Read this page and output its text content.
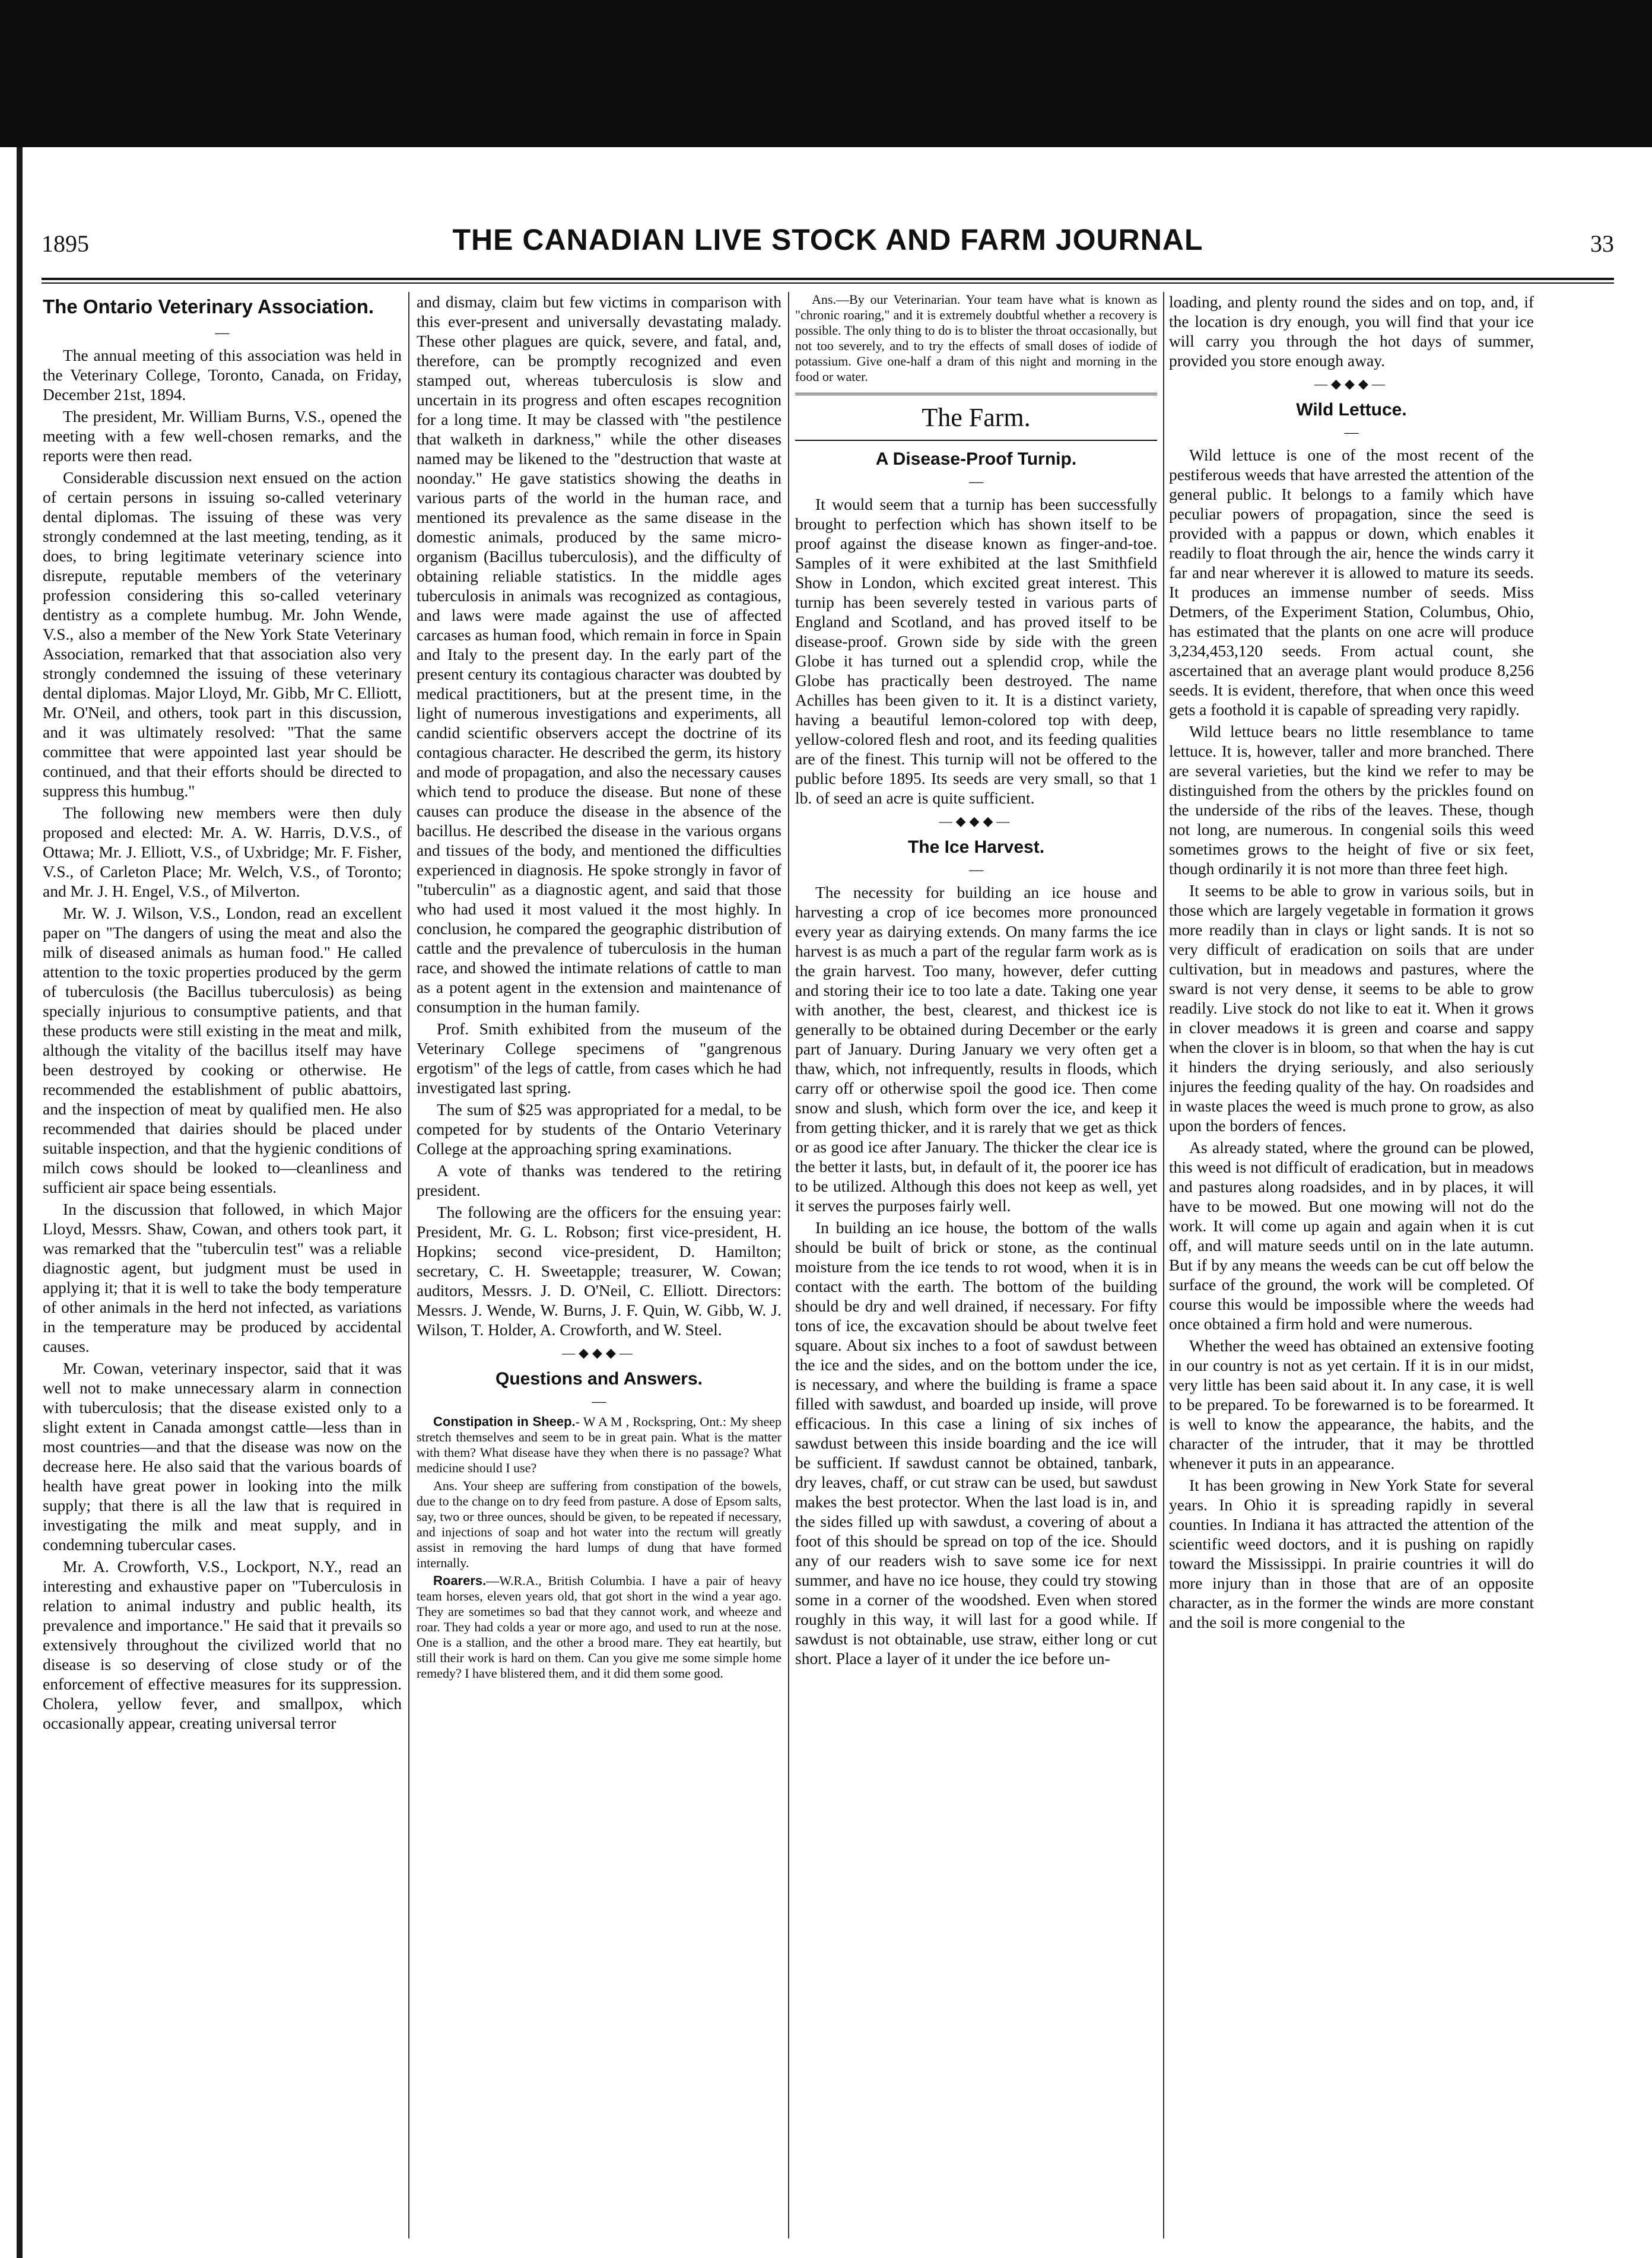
1895	THE CANADIAN LIVE STOCK AND FARM JOURNAL	33
The Ontario Veterinary Association.
—

The annual meeting of this association was held in the Veterinary College, Toronto, Canada, on Friday, December 21st, 1894.

The president, Mr. William Burns, V.S., opened the meeting with a few well-chosen remarks, and the reports were then read.

Considerable discussion next ensued on the action of certain persons in issuing so-called veterinary dental diplomas. The issuing of these was very strongly condemned at the last meeting, tending, as it does, to bring legitimate veterinary science into disrepute, reputable members of the veterinary profession considering this so-called veterinary dentistry as a complete humbug. Mr. John Wende, V.S., also a member of the New York State Veterinary Association, remarked that that association also very strongly condemned the issuing of these veterinary dental diplomas. Major Lloyd, Mr. Gibb, Mr C. Elliott, Mr. O'Neil, and others, took part in this discussion, and it was ultimately resolved: "That the same committee that were appointed last year should be continued, and that their efforts should be directed to suppress this humbug."

The following new members were then duly proposed and elected: Mr. A. W. Harris, D.V.S., of Ottawa; Mr. J. Elliott, V.S., of Uxbridge; Mr. F. Fisher, V.S., of Carleton Place; Mr. Welch, V.S., of Toronto; and Mr. J. H. Engel, V.S., of Milverton.

Mr. W. J. Wilson, V.S., London, read an excellent paper on "The dangers of using the meat and also the milk of diseased animals as human food." He called attention to the toxic properties produced by the germ of tuberculosis (the Bacillus tuberculosis) as being specially injurious to consumptive patients, and that these products were still existing in the meat and milk, although the vitality of the bacillus itself may have been destroyed by cooking or otherwise. He recommended the establishment of public abattoirs, and the inspection of meat by qualified men. He also recommended that dairies should be placed under suitable inspection, and that the hygienic conditions of milch cows should be looked to—cleanliness and sufficient air space being essentials.

In the discussion that followed, in which Major Lloyd, Messrs. Shaw, Cowan, and others took part, it was remarked that the "tuberculin test" was a reliable diagnostic agent, but judgment must be used in applying it; that it is well to take the body temperature of other animals in the herd not infected, as variations in the temperature may be produced by accidental causes.

Mr. Cowan, veterinary inspector, said that it was well not to make unnecessary alarm in connection with tuberculosis; that the disease existed only to a slight extent in Canada amongst cattle—less than in most countries—and that the disease was now on the decrease here. He also said that the various boards of health have great power in looking into the milk supply; that there is all the law that is required in investigating the milk and meat supply, and in condemning tubercular cases.

Mr. A. Crowforth, V.S., Lockport, N.Y., read an interesting and exhaustive paper on "Tuberculosis in relation to animal industry and public health, its prevalence and importance." He said that it prevails so extensively throughout the civilized world that no disease is so deserving of close study or of the enforcement of effective measures for its suppression. Cholera, yellow fever, and smallpox, which occasionally appear, creating universal terror

and dismay, claim but few victims in comparison with this ever-present and universally devastating malady. These other plagues are quick, severe, and fatal, and, therefore, can be promptly recognized and even stamped out, whereas tuberculosis is slow and uncertain in its progress and often escapes recognition for a long time. It may be classed with "the pestilence that walketh in darkness," while the other diseases named may be likened to the "destruction that waste at noonday." He gave statistics showing the deaths in various parts of the world in the human race, and mentioned its prevalence as the same disease in the domestic animals, produced by the same micro-organism (Bacillus tuberculosis), and the difficulty of obtaining reliable statistics. In the middle ages tuberculosis in animals was recognized as contagious, and laws were made against the use of affected carcases as human food, which remain in force in Spain and Italy to the present day. In the early part of the present century its contagious character was doubted by medical practitioners, but at the present time, in the light of numerous investigations and experiments, all candid scientific observers accept the doctrine of its contagious character. He described the germ, its history and mode of propagation, and also the necessary causes which tend to produce the disease. But none of these causes can produce the disease in the absence of the bacillus. He described the disease in the various organs and tissues of the body, and mentioned the difficulties experienced in diagnosis. He spoke strongly in favor of "tuberculin" as a diagnostic agent, and said that those who had used it most valued it the most highly. In conclusion, he compared the geographic distribution of cattle and the prevalence of tuberculosis in the human race, and showed the intimate relations of cattle to man as a potent agent in the extension and maintenance of consumption in the human family.

Prof. Smith exhibited from the museum of the Veterinary College specimens of "gangrenous ergotism" of the legs of cattle, from cases which he had investigated last spring.

The sum of $25 was appropriated for a medal, to be competed for by students of the Ontario Veterinary College at the approaching spring examinations.

A vote of thanks was tendered to the retiring president.

The following are the officers for the ensuing year: President, Mr. G. L. Robson; first vice-president, H. Hopkins; second vice-president, D. Hamilton; secretary, C. H. Sweetapple; treasurer, W. Cowan; auditors, Messrs. J. D. O'Neil, C. Elliott. Directors: Messrs. J. Wende, W. Burns, J. F. Quin, W. Gibb, W. J. Wilson, T. Holder, A. Crowforth, and W. Steel.

—◆◆◆—
Questions and Answers.
—

Constipation in Sheep.- W A M , Rockspring, Ont.: My sheep stretch themselves and seem to be in great pain. What is the matter with them? What disease have they when there is no passage? What medicine should I use?

Ans. Your sheep are suffering from constipation of the bowels, due to the change on to dry feed from pasture. A dose of Epsom salts, say, two or three ounces, should be given, to be repeated if necessary, and injections of soap and hot water into the rectum will greatly assist in removing the hard lumps of dung that have formed internally.

Roarers.—W.R.A., British Columbia. I have a pair of heavy team horses, eleven years old, that got short in the wind a year ago. They are sometimes so bad that they cannot work, and wheeze and roar. They had colds a year or more ago, and used to run at the nose. One is a stallion, and the other a brood mare. They eat heartily, but still their work is hard on them. Can you give me some simple home remedy? I have blistered them, and it did them some good.

Ans.—By our Veterinarian. Your team have what is known as "chronic roaring," and it is extremely doubtful whether a recovery is possible. The only thing to do is to blister the throat occasionally, but not too severely, and to try the effects of small doses of iodide of potassium. Give one-half a dram of this night and morning in the food or water.

The Farm.
A Disease-Proof Turnip.
—

It would seem that a turnip has been successfully brought to perfection which has shown itself to be proof against the disease known as finger-and-toe. Samples of it were exhibited at the last Smithfield Show in London, which excited great interest. This turnip has been severely tested in various parts of England and Scotland, and has proved itself to be disease-proof. Grown side by side with the green Globe it has turned out a splendid crop, while the Globe has practically been destroyed. The name Achilles has been given to it. It is a distinct variety, having a beautiful lemon-colored top with deep, yellow-colored flesh and root, and its feeding qualities are of the finest. This turnip will not be offered to the public before 1895. Its seeds are very small, so that 1 lb. of seed an acre is quite sufficient.

—◆◆◆—
The Ice Harvest.
—

The necessity for building an ice house and harvesting a crop of ice becomes more pronounced every year as dairying extends. On many farms the ice harvest is as much a part of the regular farm work as is the grain harvest. Too many, however, defer cutting and storing their ice to too late a date. Taking one year with another, the best, clearest, and thickest ice is generally to be obtained during December or the early part of January. During January we very often get a thaw, which, not infrequently, results in floods, which carry off or otherwise spoil the good ice. Then come snow and slush, which form over the ice, and keep it from getting thicker, and it is rarely that we get as thick or as good ice after January. The thicker the clear ice is the better it lasts, but, in default of it, the poorer ice has to be utilized. Although this does not keep as well, yet it serves the purposes fairly well.

In building an ice house, the bottom of the walls should be built of brick or stone, as the continual moisture from the ice tends to rot wood, when it is in contact with the earth. The bottom of the building should be dry and well drained, if necessary. For fifty tons of ice, the excavation should be about twelve feet square. About six inches to a foot of sawdust between the ice and the sides, and on the bottom under the ice, is necessary, and where the building is frame a space filled with sawdust, and boarded up inside, will prove efficacious. In this case a lining of six inches of sawdust between this inside boarding and the ice will be sufficient. If sawdust cannot be obtained, tanbark, dry leaves, chaff, or cut straw can be used, but sawdust makes the best protector. When the last load is in, and the sides filled up with sawdust, a covering of about a foot of this should be spread on top of the ice. Should any of our readers wish to save some ice for next summer, and have no ice house, they could try stowing some in a corner of the woodshed. Even when stored roughly in this way, it will last for a good while. If sawdust is not obtainable, use straw, either long or cut short. Place a layer of it under the ice before un-

loading, and plenty round the sides and on top, and, if the location is dry enough, you will find that your ice will carry you through the hot days of summer, provided you store enough away.

—◆◆◆—
Wild Lettuce.
—

Wild lettuce is one of the most recent of the pestiferous weeds that have arrested the attention of the general public. It belongs to a family which have peculiar powers of propagation, since the seed is provided with a pappus or down, which enables it readily to float through the air, hence the winds carry it far and near wherever it is allowed to mature its seeds. It produces an immense number of seeds. Miss Detmers, of the Experiment Station, Columbus, Ohio, has estimated that the plants on one acre will produce 3,234,453,120 seeds. From actual count, she ascertained that an average plant would produce 8,256 seeds. It is evident, therefore, that when once this weed gets a foothold it is capable of spreading very rapidly.

Wild lettuce bears no little resemblance to tame lettuce. It is, however, taller and more branched. There are several varieties, but the kind we refer to may be distinguished from the others by the prickles found on the underside of the ribs of the leaves. These, though not long, are numerous. In congenial soils this weed sometimes grows to the height of five or six feet, though ordinarily it is not more than three feet high.

It seems to be able to grow in various soils, but in those which are largely vegetable in formation it grows more readily than in clays or light sands. It is not so very difficult of eradication on soils that are under cultivation, but in meadows and pastures, where the sward is not very dense, it seems to be able to grow readily. Live stock do not like to eat it. When it grows in clover meadows it is green and coarse and sappy when the clover is in bloom, so that when the hay is cut it hinders the drying seriously, and also seriously injures the feeding quality of the hay. On roadsides and in waste places the weed is much prone to grow, as also upon the borders of fences.

As already stated, where the ground can be plowed, this weed is not difficult of eradication, but in meadows and pastures along roadsides, and in by places, it will have to be mowed. But one mowing will not do the work. It will come up again and again when it is cut off, and will mature seeds until on in the late autumn. But if by any means the weeds can be cut off below the surface of the ground, the work will be completed. Of course this would be impossible where the weeds had once obtained a firm hold and were numerous.

Whether the weed has obtained an extensive footing in our country is not as yet certain. If it is in our midst, very little has been said about it. In any case, it is well to be prepared. To be forewarned is to be forearmed. It is well to know the appearance, the habits, and the character of the intruder, that it may be throttled whenever it puts in an appearance.

It has been growing in New York State for several years. In Ohio it is spreading rapidly in several counties. In Indiana it has attracted the attention of the scientific weed doctors, and it is pushing on rapidly toward the Mississippi. In prairie countries it will do more injury than in those that are of an opposite character, as in the former the winds are more constant and the soil is more congenial to the
